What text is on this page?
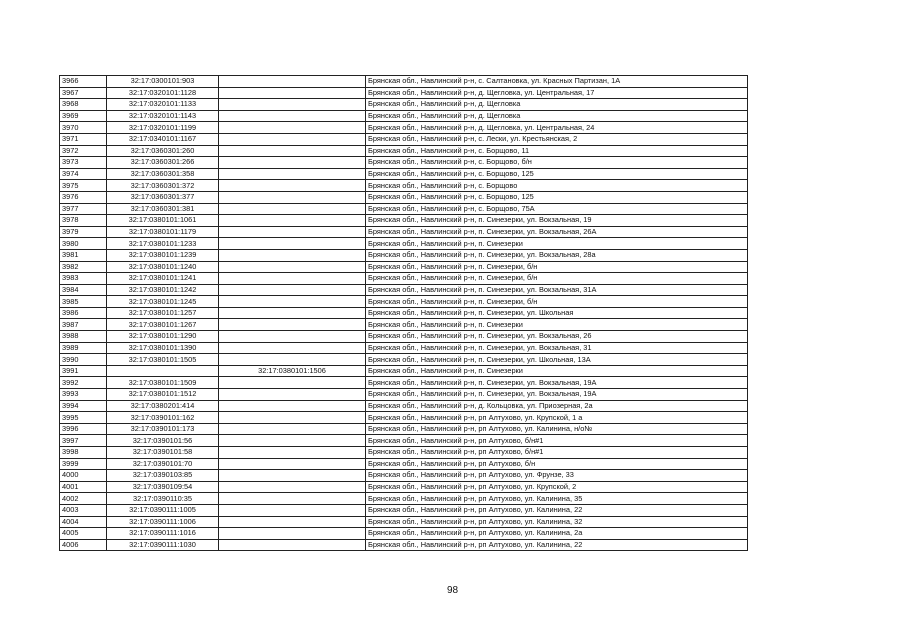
3966	32:17:0300101:903		Брянская обл., Навлинский р-н, с. Салтановка, ул. Красных Партизан, 1А
3967	32:17:0320101:1128		Брянская обл., Навлинский р-н, д. Щегловка, ул. Центральная, 17
3968	32:17:0320101:1133		Брянская обл., Навлинский р-н, д. Щегловка
3969	32:17:0320101:1143		Брянская обл., Навлинский р-н, д. Щегловка
3970	32:17:0320101:1199		Брянская обл., Навлинский р-н, д. Щегловка, ул. Центральная, 24
3971	32:17:0340101:1167		Брянская обл., Навлинский р-н, с. Лески, ул. Крестьянская, 2
3972	32:17:0360301:260		Брянская обл., Навлинский р-н, с. Борщово, 11
3973	32:17:0360301:266		Брянская обл., Навлинский р-н, с. Борщово, б/н
3974	32:17:0360301:358		Брянская обл., Навлинский р-н, с. Борщово, 125
3975	32:17:0360301:372		Брянская обл., Навлинский р-н, с. Борщово
3976	32:17:0360301:377		Брянская обл., Навлинский р-н, с. Борщово, 125
3977	32:17:0360301:381		Брянская обл., Навлинский р-н, с. Борщово, 75А
3978	32:17:0380101:1061		Брянская обл., Навлинский р-н, п. Синезерки, ул. Вокзальная, 19
3979	32:17:0380101:1179		Брянская обл., Навлинский р-н, п. Синезерки, ул. Вокзальная, 26А
3980	32:17:0380101:1233		Брянская обл., Навлинский р-н, п. Синезерки
3981	32:17:0380101:1239		Брянская обл., Навлинский р-н, п. Синезерки, ул. Вокзальная, 28а
3982	32:17:0380101:1240		Брянская обл., Навлинский р-н, п. Синезерки, б/н
3983	32:17:0380101:1241		Брянская обл., Навлинский р-н, п. Синезерки, б/н
3984	32:17:0380101:1242		Брянская обл., Навлинский р-н, п. Синезерки, ул. Вокзальная, 31А
3985	32:17:0380101:1245		Брянская обл., Навлинский р-н, п. Синезерки, б/н
3986	32:17:0380101:1257		Брянская обл., Навлинский р-н, п. Синезерки, ул. Школьная
3987	32:17:0380101:1267		Брянская обл., Навлинский р-н, п. Синезерки
3988	32:17:0380101:1290		Брянская обл., Навлинский р-н, п. Синезерки, ул. Вокзальная, 26
3989	32:17:0380101:1390		Брянская обл., Навлинский р-н, п. Синезерки, ул. Вокзальная, 31
3990	32:17:0380101:1505		Брянская обл., Навлинский р-н, п. Синезерки, ул. Школьная, 13А
3991		32:17:0380101:1506	Брянская обл., Навлинский р-н, п. Синезерки
3992	32:17:0380101:1509		Брянская обл., Навлинский р-н, п. Синезерки, ул. Вокзальная, 19А
3993	32:17:0380101:1512		Брянская обл., Навлинский р-н, п. Синезерки, ул. Вокзальная, 19А
3994	32:17:0380201:414		Брянская обл., Навлинский р-н, д. Кольцовка, ул. Приозерная, 2а
3995	32:17:0390101:162		Брянская обл., Навлинский р-н, рп Алтухово, ул. Крупской, 1 а
3996	32:17:0390101:173		Брянская обл., Навлинский р-н, рп Алтухово, ул. Калинина, н/о№
3997	32:17:0390101:56		Брянская обл., Навлинский р-н, рп Алтухово, б/н#1
3998	32:17:0390101:58		Брянская обл., Навлинский р-н, рп Алтухово, б/н#1
3999	32:17:0390101:70		Брянская обл., Навлинский р-н, рп Алтухово, б/н
4000	32:17:0390103:85		Брянская обл., Навлинский р-н, рп Алтухово, ул. Фрунзе, 33
4001	32:17:0390109:54		Брянская обл., Навлинский р-н, рп Алтухово, ул. Крупской, 2
4002	32:17:0390110:35		Брянская обл., Навлинский р-н, рп Алтухово, ул. Калинина, 35
4003	32:17:0390111:1005		Брянская обл., Навлинский р-н, рп Алтухово, ул. Калинина, 22
4004	32:17:0390111:1006		Брянская обл., Навлинский р-н, рп Алтухово, ул. Калинина, 32
4005	32:17:0390111:1016		Брянская обл., Навлинский р-н, рп Алтухово, ул. Калинина, 2а
4006	32:17:0390111:1030		Брянская обл., Навлинский р-н, рп Алтухово, ул. Калинина, 22
98
